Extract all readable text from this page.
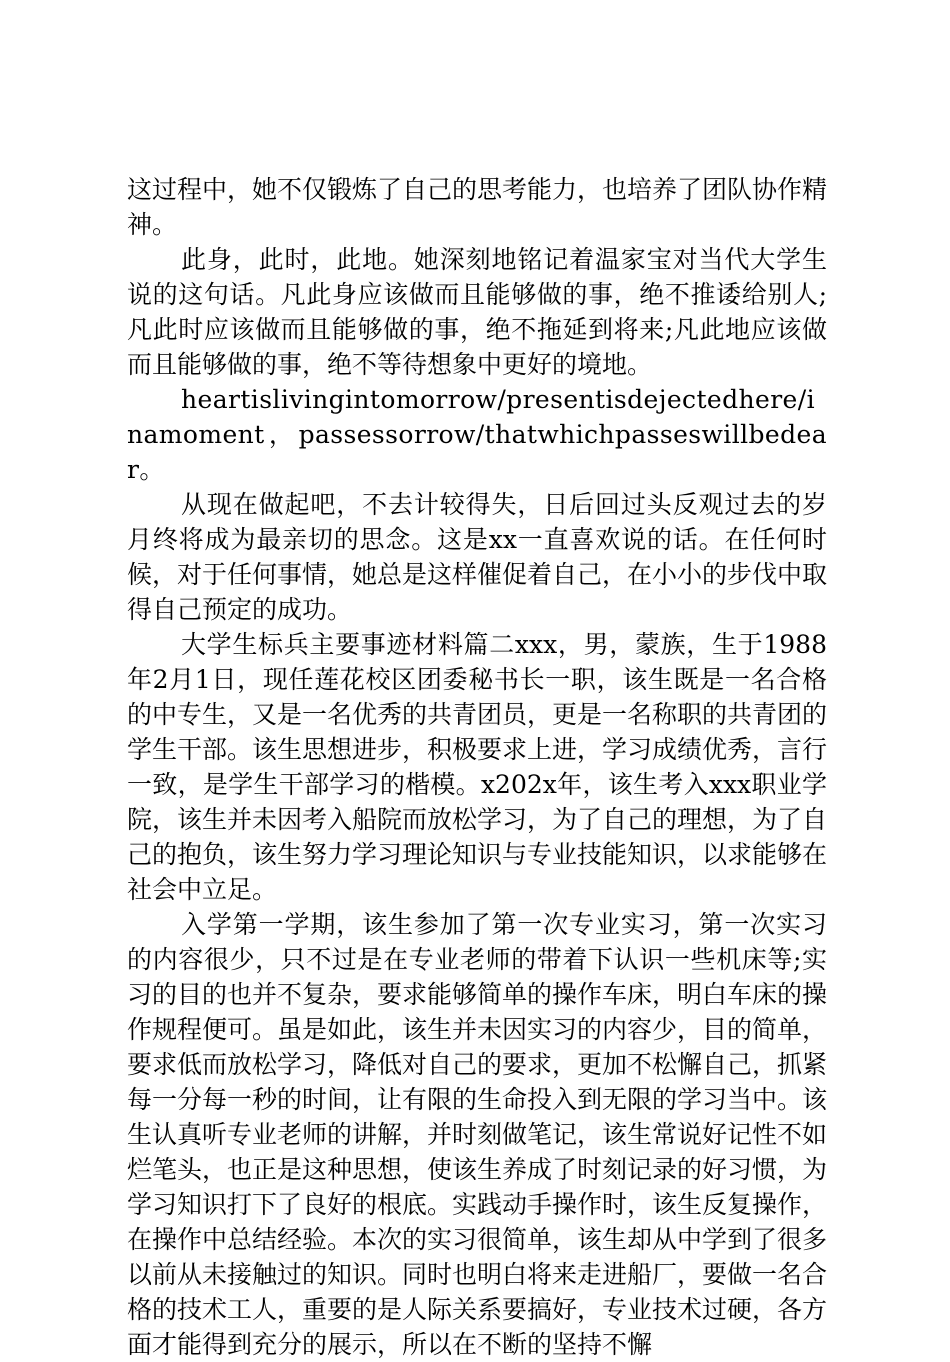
这过程中，她不仅锻炼了自己的思考能力，也培养了团队协作精神。

此身，此时，此地。她深刻地铭记着温家宝对当代大学生说的这句话。凡此身应该做而且能够做的事，绝不推诿给别人;凡此时应该做而且能够做的事，绝不拖延到将来;凡此地应该做而且能够做的事，绝不等待想象中更好的境地。

heartislivingintomorrow/presentisdejectedhere/inamoment，passessorrow/thatwhichpasseswillbedear。

从现在做起吧，不去计较得失，日后回过头反观过去的岁月终将成为最亲切的思念。这是xx一直喜欢说的话。在任何时候，对于任何事情，她总是这样催促着自己，在小小的步伐中取得自己预定的成功。

大学生标兵主要事迹材料篇二xxx，男，蒙族，生于1988年2月1日，现任莲花校区团委秘书长一职，该生既是一名合格的中专生，又是一名优秀的共青团员，更是一名称职的共青团的学生干部。该生思想进步，积极要求上进，学习成绩优秀，言行一致，是学生干部学习的楷模。x202x年，该生考入xxx职业学院，该生并未因考入船院而放松学习，为了自己的理想，为了自己的抱负，该生努力学习理论知识与专业技能知识，以求能够在社会中立足。

入学第一学期，该生参加了第一次专业实习，第一次实习的内容很少，只不过是在专业老师的带着下认识一些机床等;实习的目的也并不复杂，要求能够简单的操作车床，明白车床的操作规程便可。虽是如此，该生并未因实习的内容少，目的简单，要求低而放松学习，降低对自己的要求，更加不松懈自己，抓紧每一分每一秒的时间，让有限的生命投入到无限的学习当中。该生认真听专业老师的讲解，并时刻做笔记，该生常说好记性不如烂笔头，也正是这种思想，使该生养成了时刻记录的好习惯，为学习知识打下了良好的根底。实践动手操作时，该生反复操作，在操作中总结经验。本次的实习很简单，该生却从中学到了很多以前从未接触过的知识。同时也明白将来走进船厂，要做一名合格的技术工人，重要的是人际关系要搞好，专业技术过硬，各方面才能得到充分的展示，所以在不断的坚持不懈
